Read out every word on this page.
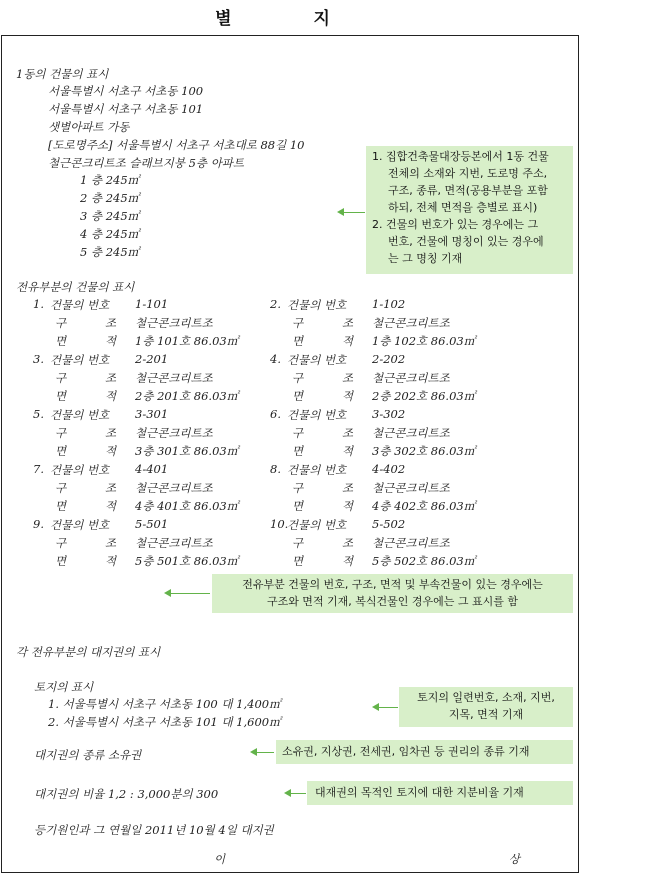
별 지
1동의 건물의 표시
서울특별시 서초구 서초동 100
서울특별시 서초구 서초동 101
샛별아파트 가동
[도로명주소] 서울특별시 서초구 서초대로 88길 10
철근콘크리트조 슬래브지붕 5층 아파트
1 층 245㎡
2 층 245㎡
3 층 245㎡
4 층 245㎡
5 층 245㎡
1. 집합건축물대장등본에서 1동 건물
전체의 소재와 지번, 도로명 주소,
구조, 종류, 면적(공용부분을 포함
하되, 전체 면적을 층별로 표시)
2. 건물의 번호가 있는 경우에는 그
번호, 건물에 명칭이 있는 경우에
는 그 명칭 기재
전유부분의 건물의 표시
1. 건물의 번호 1-101
구	조 철근콘크리트조
면	적 1층 101호 86.03㎡
2. 건물의 번호 1-102
구	조 철근콘크리트조
면	적 1층 102호 86.03㎡
3. 건물의 번호 2-201
구	조 철근콘크리트조
면	적 2층 201호 86.03㎡
4. 건물의 번호 2-202
구	조 철근콘크리트조
면	적 2층 202호 86.03㎡
5. 건물의 번호 3-301
구	조 철근콘크리트조
면	적 3층 301호 86.03㎡
6. 건물의 번호 3-302
구	조 철근콘크리트조
면	적 3층 302호 86.03㎡
7. 건물의 번호 4-401
구	조 철근콘크리트조
면	적 4층 401호 86.03㎡
8. 건물의 번호 4-402
구	조 철근콘크리트조
면	적 4층 402호 86.03㎡
9. 건물의 번호 5-501
구	조 철근콘크리트조
면	적 5층 501호 86.03㎡
10.
건물의 번호 5-502
구	조 철근콘크리트조
면	적 5층 502호 86.03㎡
전유부분 건물의 번호, 구조, 면적 및 부속건물이 있는 경우에는
구조와 면적 기재, 복식건물인 경우에는 그 표시를 함
각 전유부분의 대지권의 표시
토지의 표시
1. 서울특별시 서초구 서초동 100 대 1,400㎡
2. 서울특별시 서초구 서초동 101 대 1,600㎡
토지의 일련번호, 소재, 지번,
지목, 면적 기재
대지권의 종류 소유권	소유권, 지상권, 전세권, 임차권 등 권리의 종류 기재
대지권의 비율 1,2 : 3,000분의 300	대재권의 목적인 토지에 대한 지분비율 기재
등기원인과 그 연월일 2011년 10월 4일 대지권
이 상
